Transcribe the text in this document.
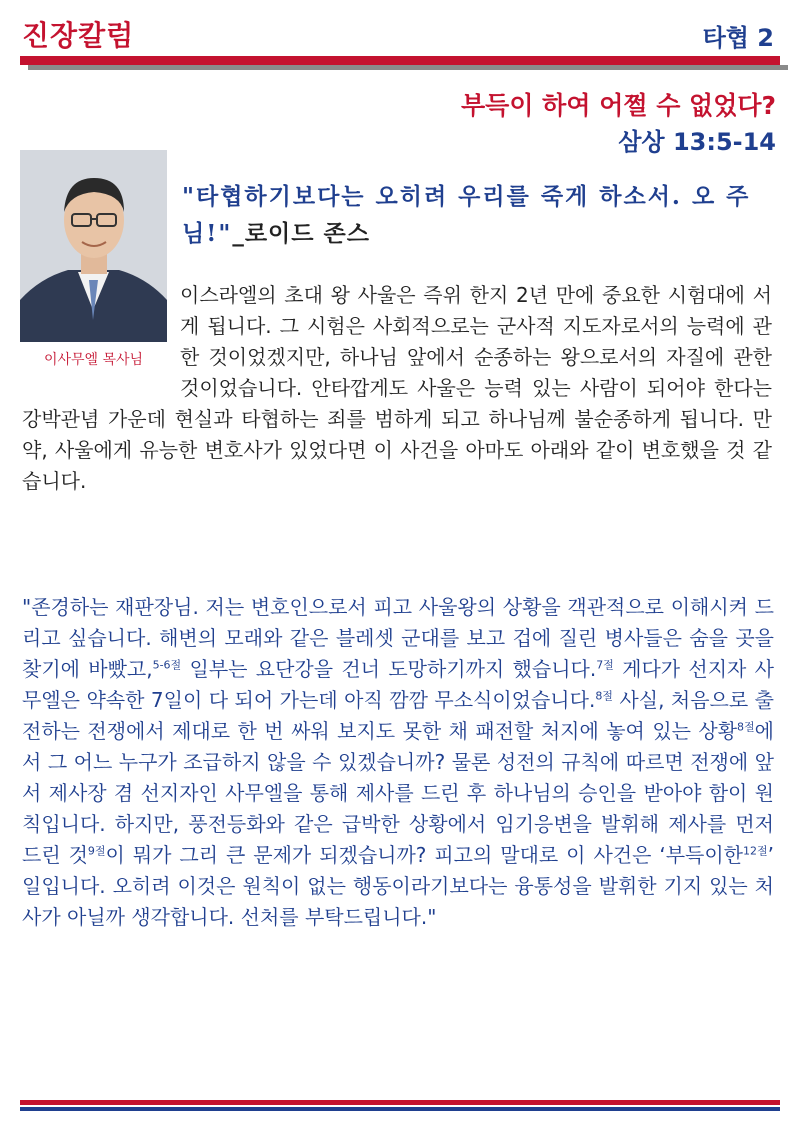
진장칼럼	타협 2
부득이 하여 어쩔 수 없었다?
삼상 13:5-14
이사무엘 목사님
"타협하기보다는 오히려 우리를 죽게 하소서. 오 주님!"_로이드 존스
이스라엘의 초대 왕 사울은 즉위 한지 2년 만에 중요한 시험대에 서게 됩니다. 그 시험은 사회적으로는 군사적 지도자로서의 능력에 관한 것이었겠지만, 하나님 앞에서 순종하는 왕으로서의 자질에 관한 것이었습니다. 안타깝게도 사울은 능력 있는 사람이 되어야 한다는 강박관념 가운데 현실과 타협하는 죄를 범하게 되고 하나님께 불순종하게 됩니다. 만약, 사울에게 유능한 변호사가 있었다면 이 사건을 아마도 아래와 같이 변호했을 것 같습니다.
"존경하는 재판장님. 저는 변호인으로서 피고 사울왕의 상황을 객관적으로 이해시켜 드리고 싶습니다. 해변의 모래와 같은 블레셋 군대를 보고 겁에 질린 병사들은 숨을 곳을 찾기에 바빴고,$^{5-6절}$ 일부는 요단강을 건너 도망하기까지 했습니다.$^{7절}$ 게다가 선지자 사무엘은 약속한 7일이 다 되어 가는데 아직 깜깜 무소식이었습니다.$^{8절}$ 사실, 처음으로 출전하는 전쟁에서 제대로 한 번 싸워 보지도 못한 채 패전할 처지에 놓여 있는 상황$^{8절}$에서 그 어느 누구가 조급하지 않을 수 있겠습니까? 물론 성전의 규칙에 따르면 전쟁에 앞서 제사장 겸 선지자인 사무엘을 통해 제사를 드린 후 하나님의 승인을 받아야 함이 원칙입니다. 하지만, 풍전등화와 같은 급박한 상황에서 임기응변을 발휘해 제사를 먼저 드린 것$^{9절}$이 뭐가 그리 큰 문제가 되겠습니까? 피고의 말대로 이 사건은 ‘부득이한$^{12절}$’ 일입니다. 오히려 이것은 원칙이 없는 행동이라기보다는 융통성을 발휘한 기지 있는 처사가 아닐까 생각합니다. 선처를 부탁드립니다."
